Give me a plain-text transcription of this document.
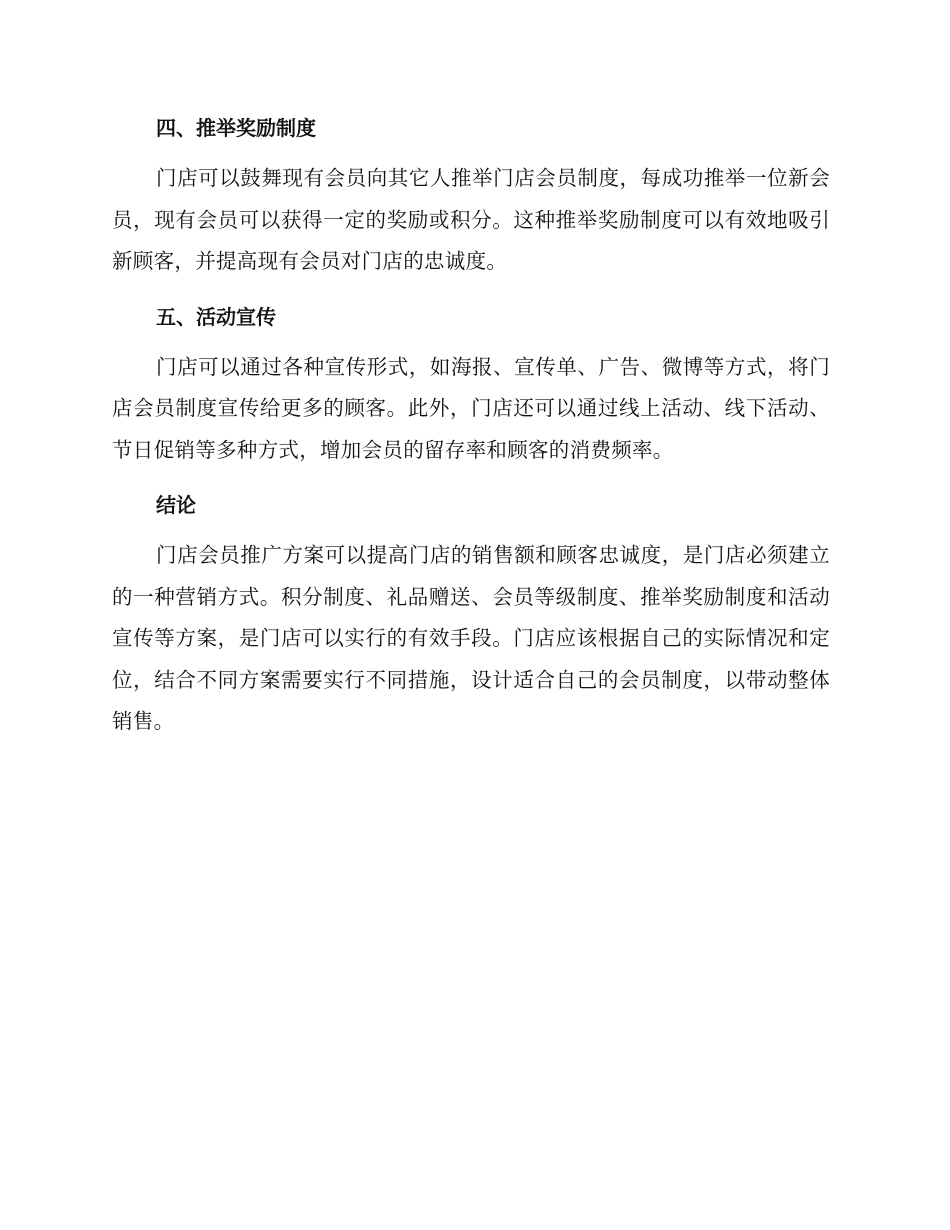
四、推举奖励制度

门店可以鼓舞现有会员向其它人推举门店会员制度，每成功推举一位新会员，现有会员可以获得一定的奖励或积分。这种推举奖励制度可以有效地吸引新顾客，并提高现有会员对门店的忠诚度。

五、活动宣传

门店可以通过各种宣传形式，如海报、宣传单、广告、微博等方式，将门店会员制度宣传给更多的顾客。此外，门店还可以通过线上活动、线下活动、节日促销等多种方式，增加会员的留存率和顾客的消费频率。

结论

门店会员推广方案可以提高门店的销售额和顾客忠诚度，是门店必须建立的一种营销方式。积分制度、礼品赠送、会员等级制度、推举奖励制度和活动宣传等方案，是门店可以实行的有效手段。门店应该根据自己的实际情况和定位，结合不同方案需要实行不同措施，设计适合自己的会员制度，以带动整体销售。
